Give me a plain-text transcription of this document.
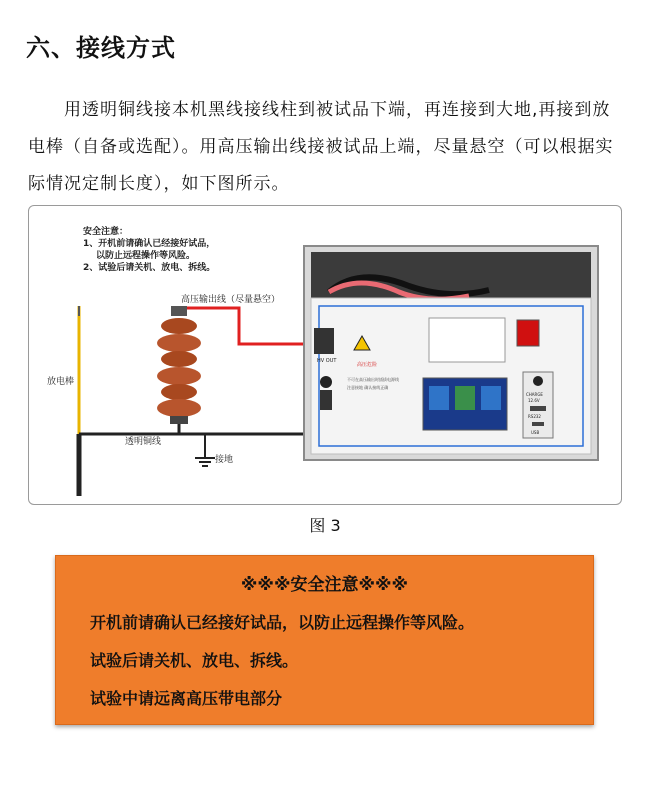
六、接线方式
用透明铜线接本机黑线接线柱到被试品下端，再连接到大地,再接到放电棒（自备或选配）。用高压输出线接被试品上端，尽量悬空（可以根据实际情况定制长度），如下图所示。
安全注意：
1、开机前请确认已经接好试品，
以防止远程操作等风险。
2、试验后请关机、放电、拆线。
放电棒
透明铜线
接地
高压输出线（尽量悬空）
HV OUT
高压危险
不可在高压输出时插拔电源线
注意接地 确认接线正确
CHARGE
12.6V
RS232
USB
图 3
※※※安全注意※※※
开机前请确认已经接好试品，以防止远程操作等风险。
试验后请关机、放电、拆线。
试验中请远离高压带电部分
